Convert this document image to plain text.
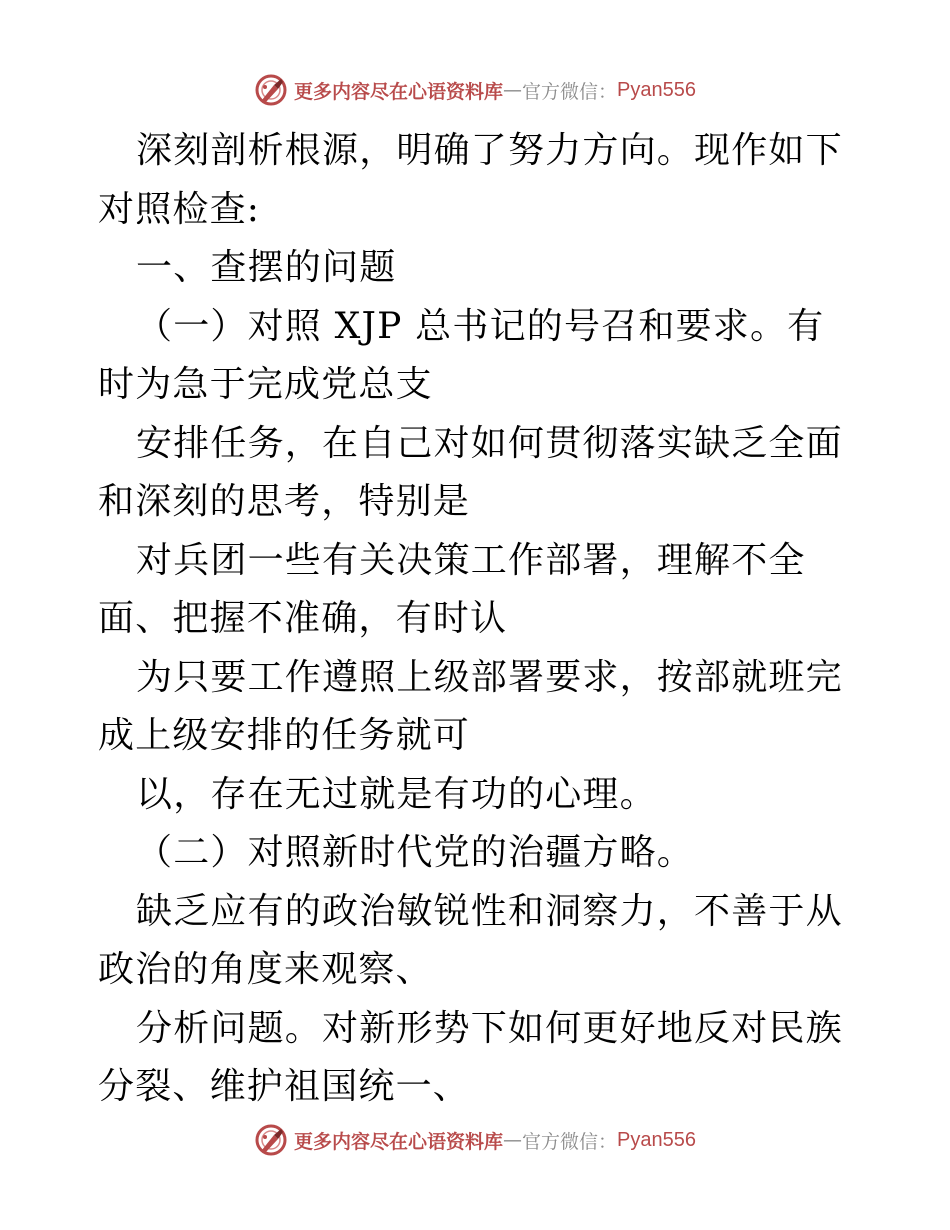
更多内容尽在心语资料库 — 官方微信： Pyan556

深刻剖析根源，明确了努力方向。现作如下对照检查:

一、查摆的问题

（一）对照 XJP 总书记的号召和要求。有时为急于完成党总支

安排任务，在自己对如何贯彻落实缺乏全面和深刻的思考，特别是

对兵团一些有关决策工作部署，理解不全面、把握不准确，有时认

为只要工作遵照上级部署要求，按部就班完成上级安排的任务就可

以，存在无过就是有功的心理。

（二）对照新时代党的治疆方略。

缺乏应有的政治敏锐性和洞察力，不善于从政治的角度来观察、

分析问题。对新形势下如何更好地反对民族分裂、维护祖国统一、

更多内容尽在心语资料库 — 官方微信： Pyan556
